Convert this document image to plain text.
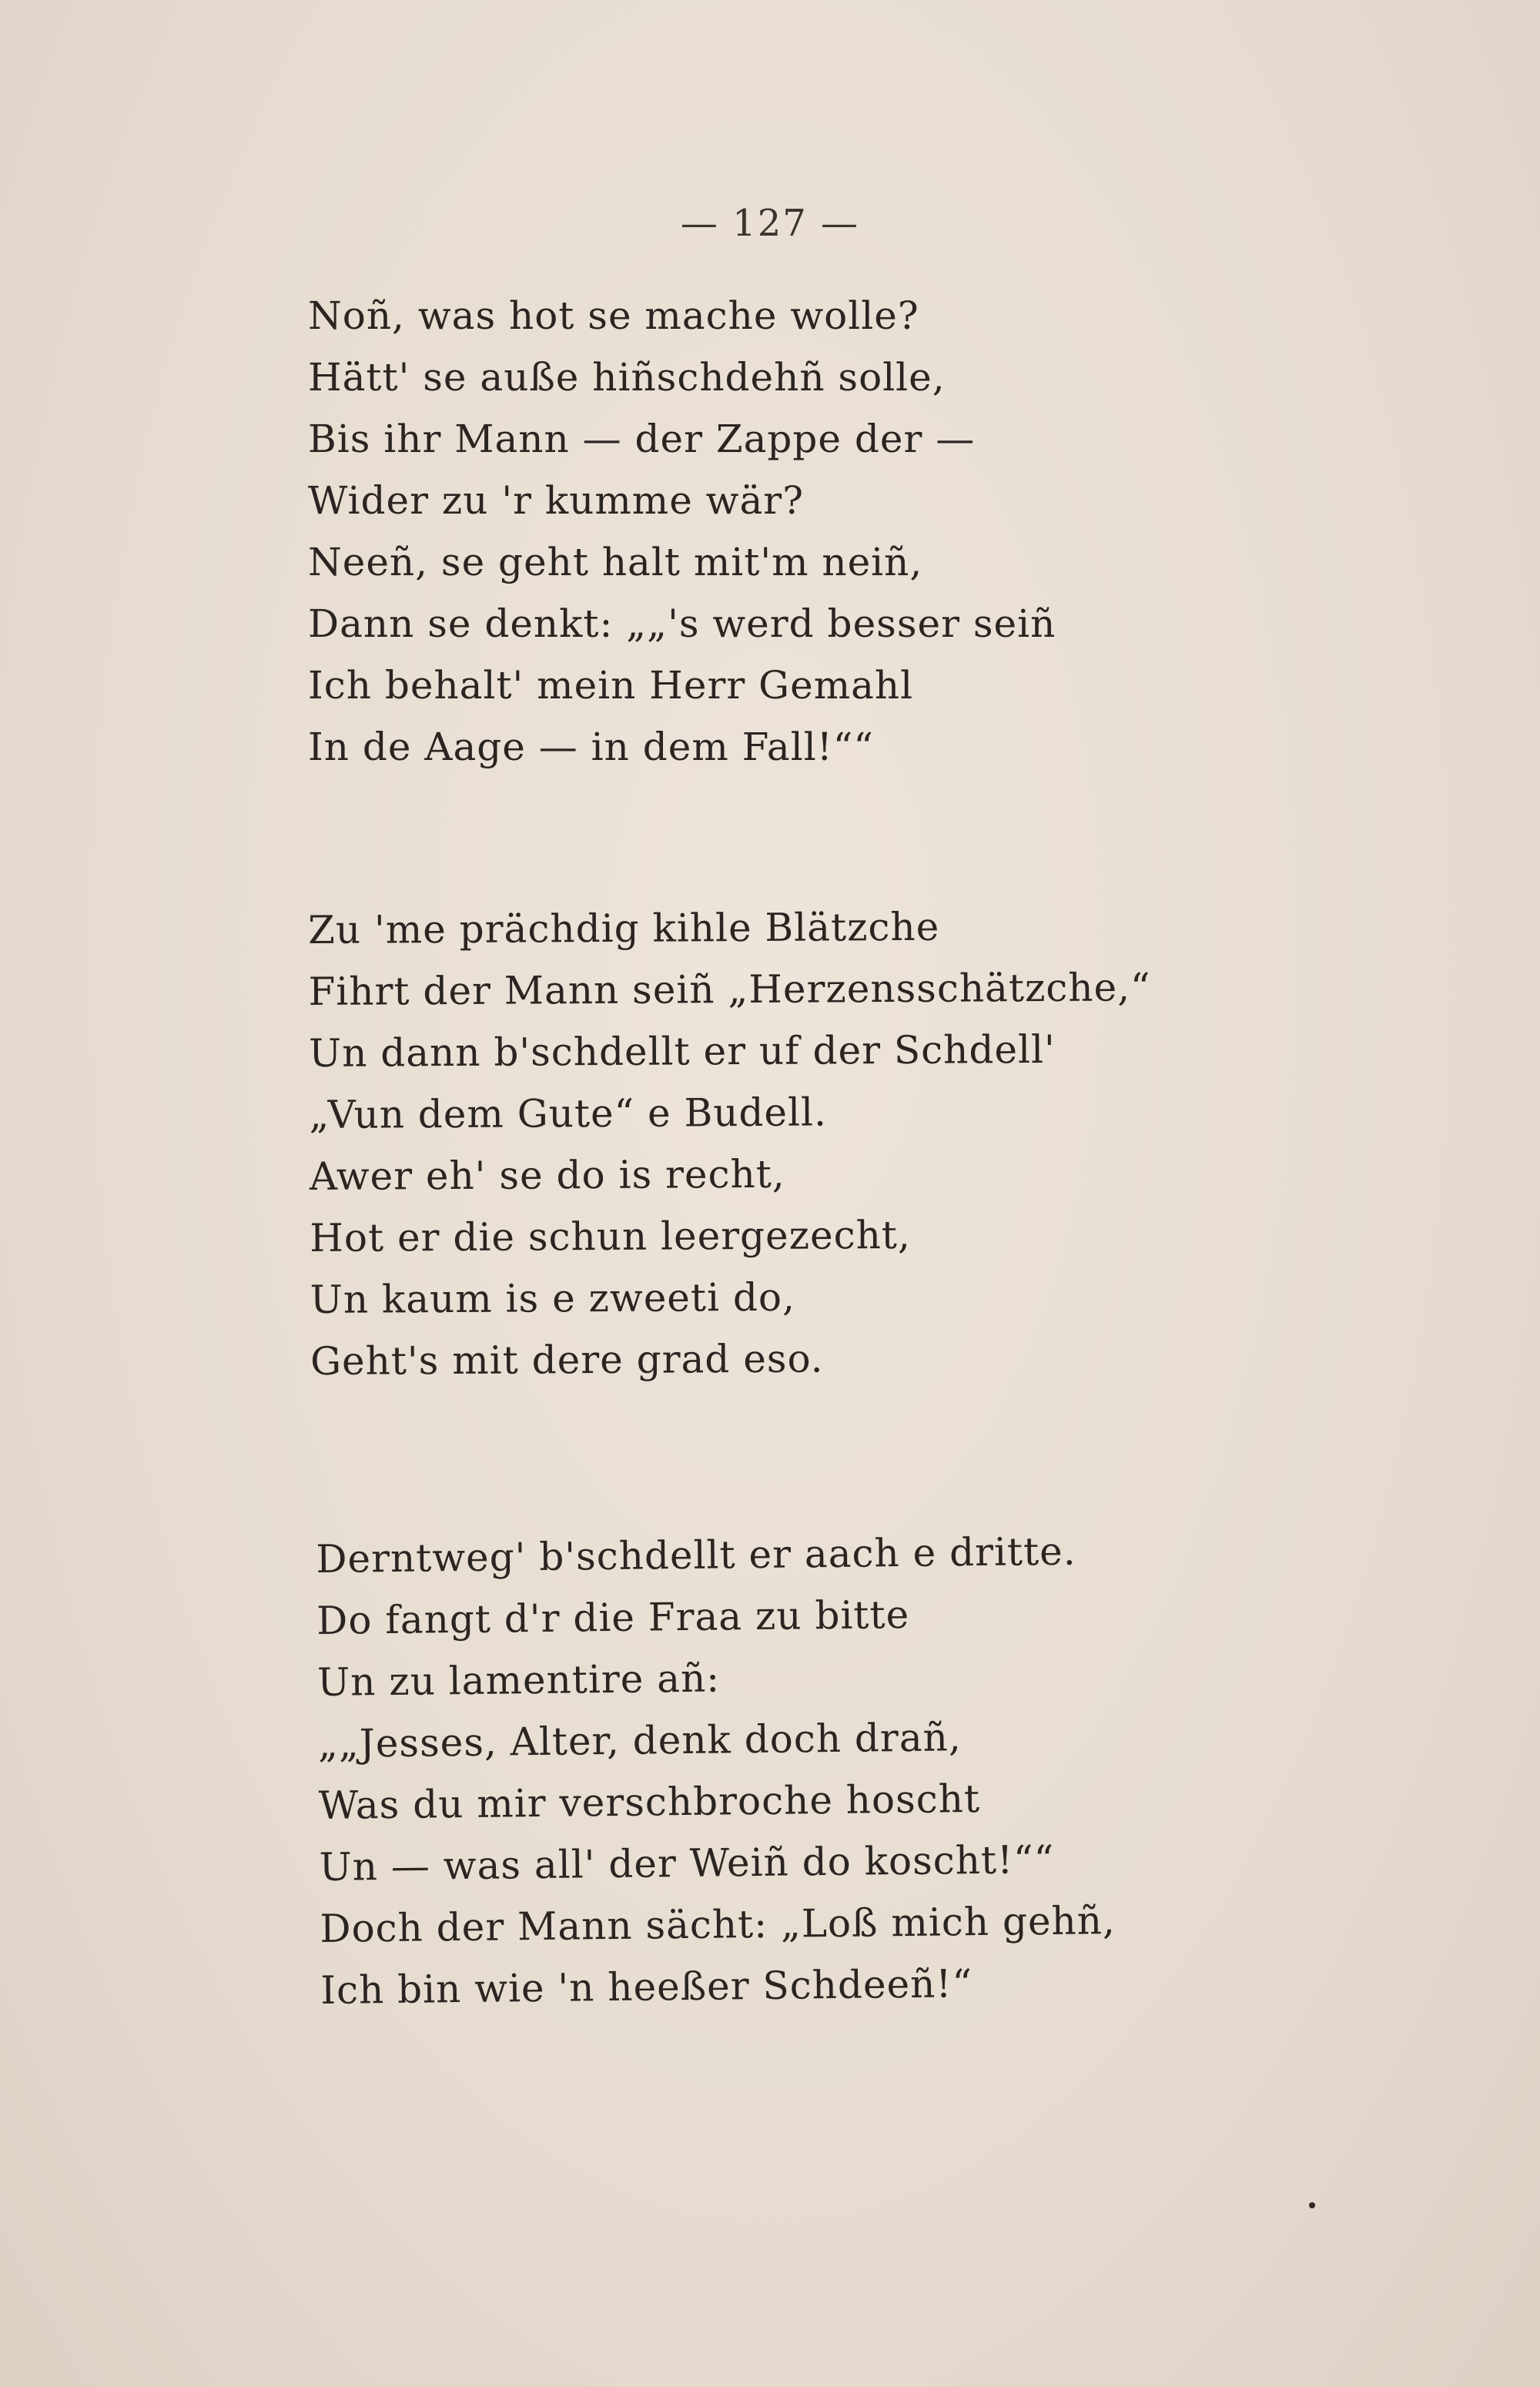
— 127 —
Noñ, was hot se mache wolle?
Hätt' se auße hiñschdehñ solle,
Bis ihr Mann — der Zappe der —
Wider zu 'r kumme wär?
Neeñ, se geht halt mit'm neiñ,
Dann se denkt: „„'s werd besser seiñ
Ich behalt' mein Herr Gemahl
In de Aage — in dem Fall!““
Zu 'me prächdig kihle Blätzche
Fihrt der Mann seiñ „Herzensschätzche,“
Un dann b'schdellt er uf der Schdell'
„Vun dem Gute“ e Budell.
Awer eh' se do is recht,
Hot er die schun leergezecht,
Un kaum is e zweeti do,
Geht's mit dere grad eso.
Derntweg' b'schdellt er aach e dritte.
Do fangt d'r die Fraa zu bitte
Un zu lamentire añ:
„„Jesses, Alter, denk doch drañ,
Was du mir verschbroche hoscht
Un — was all' der Weiñ do koscht!““
Doch der Mann sächt: „Loß mich gehñ,
Ich bin wie 'n heeßer Schdeeñ!“
